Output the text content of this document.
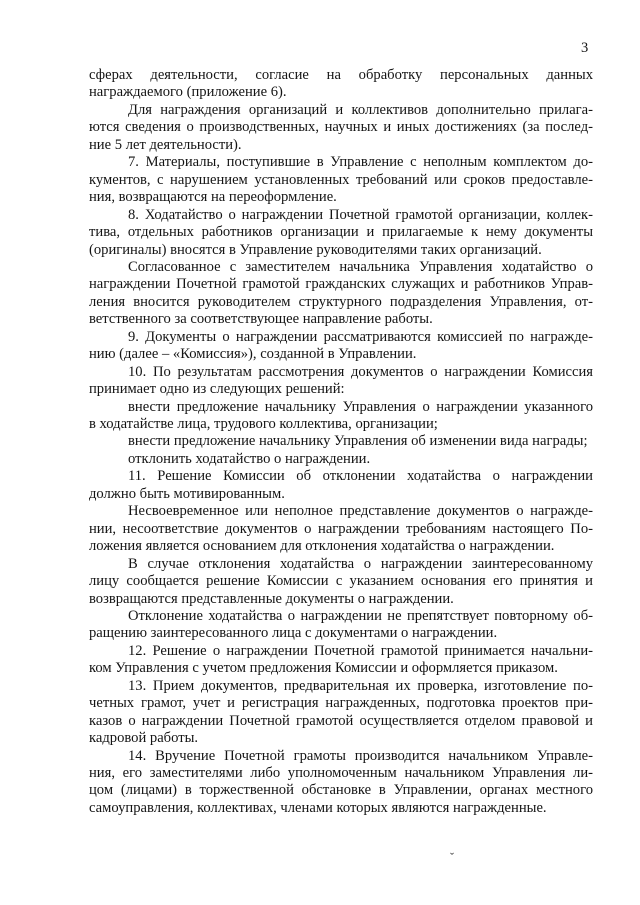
3
сферах деятельности, согласие на обработку персональных данных
награждаемого (приложение 6).
Для награждения организаций и коллективов дополнительно прилага-
ются сведения о производственных, научных и иных достижениях (за послед-
ние 5 лет деятельности).
7. Материалы, поступившие в Управление с неполным комплектом до-
кументов, с нарушением установленных требований или сроков предоставле-
ния, возвращаются на переоформление.
8. Ходатайство о награждении Почетной грамотой организации, коллек-
тива, отдельных работников организации и прилагаемые к нему документы
(оригиналы) вносятся в Управление руководителями таких организаций.
Согласованное с заместителем начальника Управления ходатайство о
награждении Почетной грамотой гражданских служащих и работников Управ-
ления вносится руководителем структурного подразделения Управления, от-
ветственного за соответствующее направление работы.
9. Документы о награждении рассматриваются комиссией по награжде-
нию (далее – «Комиссия»), созданной в Управлении.
10. По результатам рассмотрения документов о награждении Комиссия
принимает одно из следующих решений:
внести предложение начальнику Управления о награждении указанного
в ходатайстве лица, трудового коллектива, организации;
внести предложение начальнику Управления об изменении вида награды;
отклонить ходатайство о награждении.
11. Решение Комиссии об отклонении ходатайства о награждении
должно быть мотивированным.
Несвоевременное или неполное представление документов о награжде-
нии, несоответствие документов о награждении требованиям настоящего По-
ложения является основанием для отклонения ходатайства о награждении.
В случае отклонения ходатайства о награждении заинтересованному
лицу сообщается решение Комиссии с указанием основания его принятия и
возвращаются представленные документы о награждении.
Отклонение ходатайства о награждении не препятствует повторному об-
ращению заинтересованного лица с документами о награждении.
12. Решение о награждении Почетной грамотой принимается начальни-
ком Управления с учетом предложения Комиссии и оформляется приказом.
13. Прием документов, предварительная их проверка, изготовление по-
четных грамот, учет и регистрация награжденных, подготовка проектов при-
казов о награждении Почетной грамотой осуществляется отделом правовой и
кадровой работы.
14. Вручение Почетной грамоты производится начальником Управле-
ния, его заместителями либо уполномоченным начальником Управления ли-
цом (лицами) в торжественной обстановке в Управлении, органах местного
самоуправления, коллективах, членами которых являются награжденные.
ˇ
